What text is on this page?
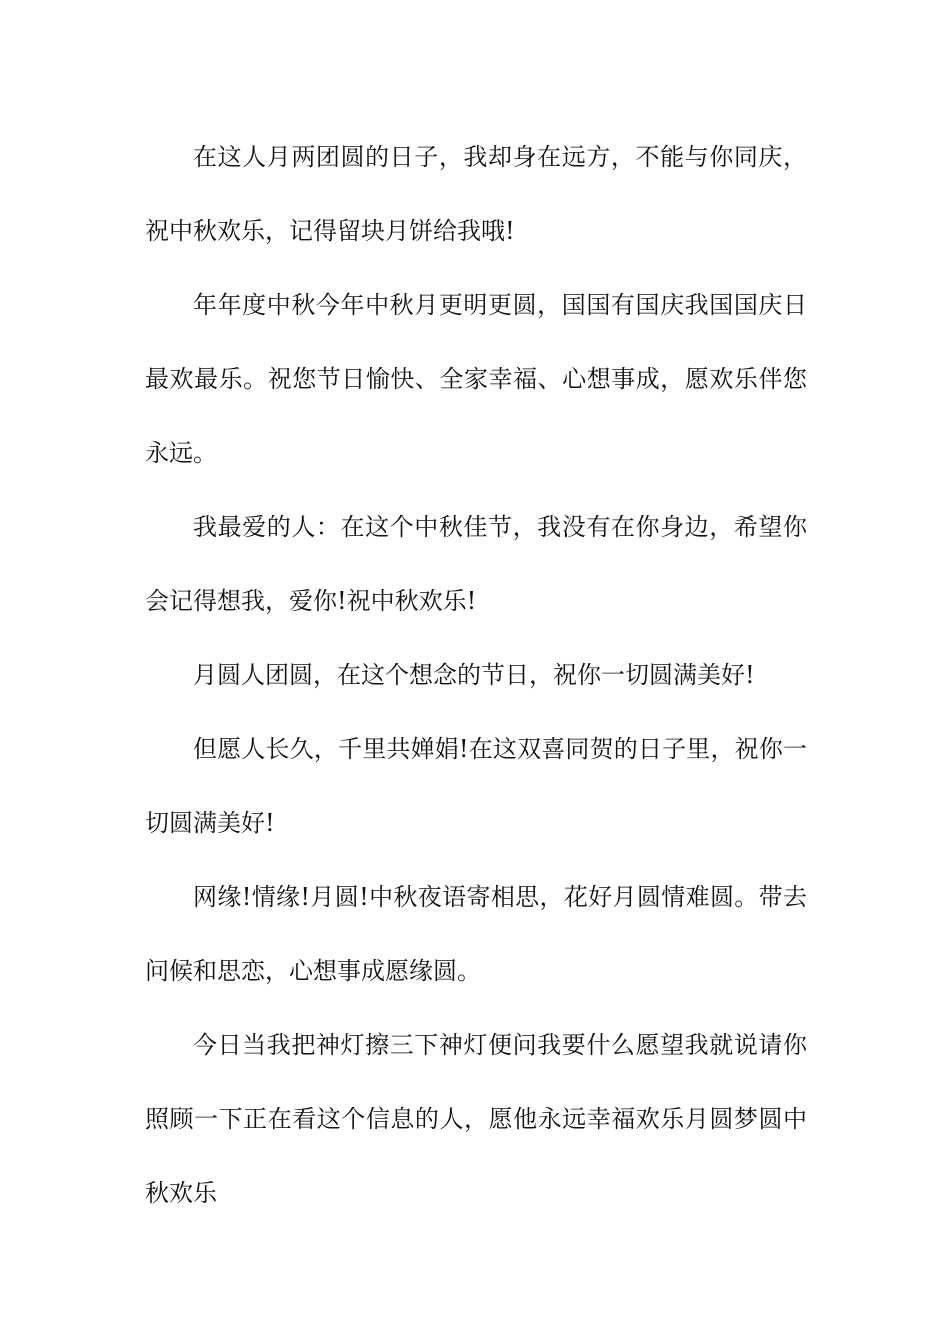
在这人月两团圆的日子，我却身在远方，不能与你同庆，祝中秋欢乐，记得留块月饼给我哦!

年年度中秋今年中秋月更明更圆，国国有国庆我国国庆日最欢最乐。祝您节日愉快、全家幸福、心想事成，愿欢乐伴您永远。

我最爱的人：在这个中秋佳节，我没有在你身边，希望你会记得想我，爱你!祝中秋欢乐!

月圆人团圆，在这个想念的节日，祝你一切圆满美好!

但愿人长久，千里共婵娟!在这双喜同贺的日子里，祝你一切圆满美好!

网缘!情缘!月圆!中秋夜语寄相思，花好月圆情难圆。带去问候和思恋，心想事成愿缘圆。

今日当我把神灯擦三下神灯便问我要什么愿望我就说请你照顾一下正在看这个信息的人，愿他永远幸福欢乐月圆梦圆中秋欢乐
